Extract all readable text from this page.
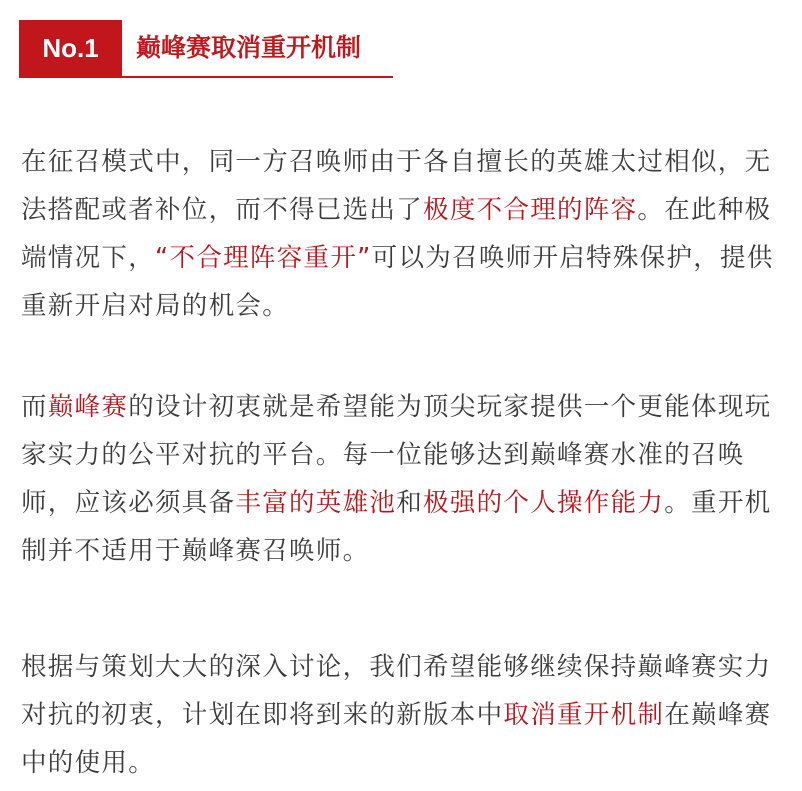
No.1	巅峰赛取消重开机制

在征召模式中，同一方召唤师由于各自擅长的英雄太过相似，无法搭配或者补位，而不得已选出了极度不合理的阵容。在此种极端情况下，“不合理阵容重开”可以为召唤师开启特殊保护，提供重新开启对局的机会。

而巅峰赛的设计初衷就是希望能为顶尖玩家提供一个更能体现玩家实力的公平对抗的平台。每一位能够达到巅峰赛水准的召唤师，应该必须具备丰富的英雄池和极强的个人操作能力。重开机制并不适用于巅峰赛召唤师。

根据与策划大大的深入讨论，我们希望能够继续保持巅峰赛实力对抗的初衷，计划在即将到来的新版本中取消重开机制在巅峰赛中的使用。
